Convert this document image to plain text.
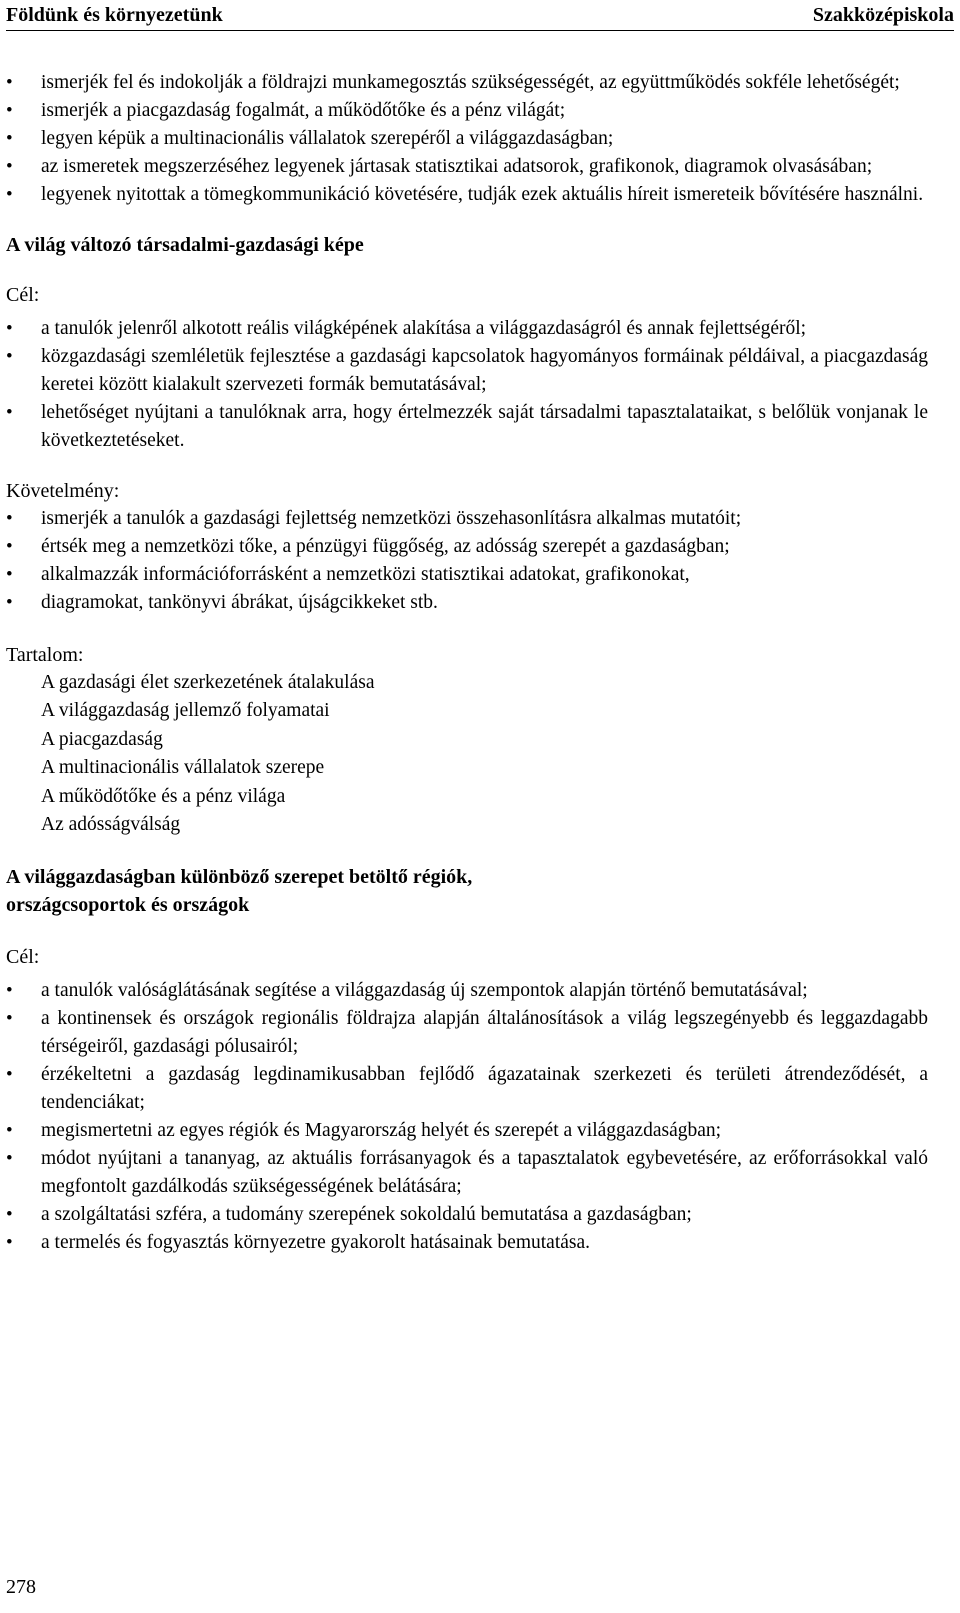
Földünk és környezetünk	Szakközépiskola
• ismerjék fel és indokolják a földrajzi munkamegosztás szükségességét, az együttműködés sokféle lehetőségét;
• ismerjék a piacgazdaság fogalmát, a működőtőke és a pénz világát;
• legyen képük a multinacionális vállalatok szerepéről a világgazdaságban;
• az ismeretek megszerzéséhez legyenek jártasak statisztikai adatsorok, grafikonok, diagramok olvasásában;
• legyenek nyitottak a tömegkommunikáció követésére, tudják ezek aktuális híreit ismereteik bővítésére használni.
A világ változó társadalmi-gazdasági képe
Cél:
• a tanulók jelenről alkotott reális világképének alakítása a világgazdaságról és annak fejlettségéről;
• közgazdasági szemléletük fejlesztése a gazdasági kapcsolatok hagyományos formáinak példáival, a piacgazdaság keretei között kialakult szervezeti formák bemutatásával;
• lehetőséget nyújtani a tanulóknak arra, hogy értelmezzék saját társadalmi tapasztalataikat, s belőlük vonjanak le következtetéseket.
Követelmény:
• ismerjék a tanulók a gazdasági fejlettség nemzetközi összehasonlításra alkalmas mutatóit;
• értsék meg a nemzetközi tőke, a pénzügyi függőség, az adósság szerepét a gazdaságban;
• alkalmazzák információforrásként a nemzetközi statisztikai adatokat, grafikonokat,
• diagramokat, tankönyvi ábrákat, újságcikkeket stb.
Tartalom:
A gazdasági élet szerkezetének átalakulása
A világgazdaság jellemző folyamatai
A piacgazdaság
A multinacionális vállalatok szerepe
A működőtőke és a pénz világa
Az adósságválság
A világgazdaságban különböző szerepet betöltő régiók,
országcsoportok és országok
Cél:
• a tanulók valóságlátásának segítése a világgazdaság új szempontok alapján történő bemutatásával;
• a kontinensek és országok regionális földrajza alapján általánosítások a világ legszegényebb és leggazdagabb térségeiről, gazdasági pólusairól;
• érzékeltetni a gazdaság legdinamikusabban fejlődő ágazatainak szerkezeti és területi átrendeződését, a tendenciákat;
• megismertetni az egyes régiók és Magyarország helyét és szerepét a világgazdaságban;
• módot nyújtani a tananyag, az aktuális forrásanyagok és a tapasztalatok egybevetésére, az erőforrásokkal való megfontolt gazdálkodás szükségességének belátására;
• a szolgáltatási szféra, a tudomány szerepének sokoldalú bemutatása a gazdaságban;
• a termelés és fogyasztás környezetre gyakorolt hatásainak bemutatása.
278
